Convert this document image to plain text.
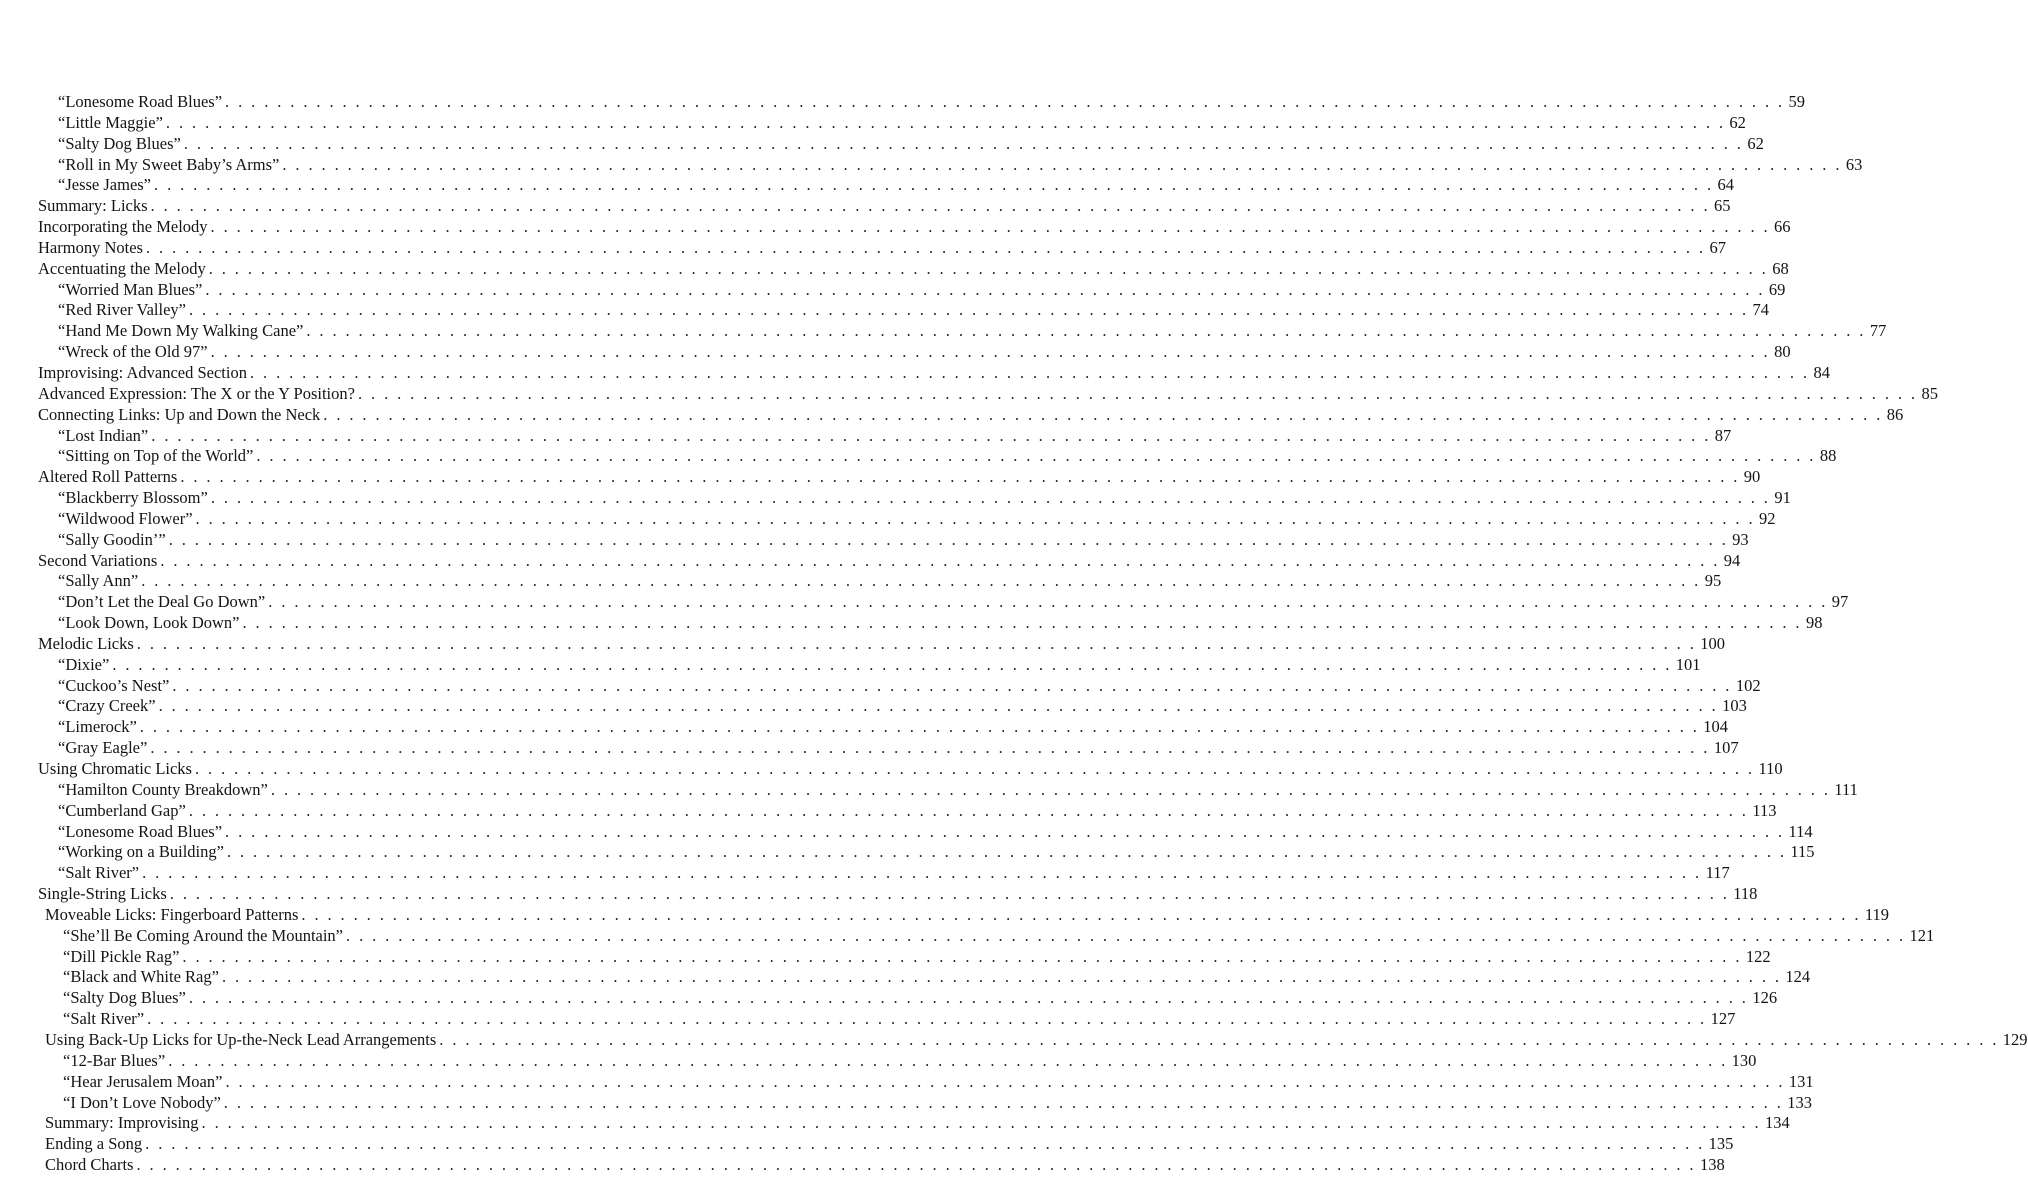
“Lonesome Road Blues” . . . . . . . . . . . . . . . . . . . . . . . . . . . . . . . . . . . . . . . . . . . . . . . . . . . . . . . . . . . . . . . . . . . . . . . . . . . . . . . . . . . . . . . . . . . . . . . . . . . . . . . . . . . . . . . . . . . . . . . . 59
“Little Maggie” . . . . . . . . . . . . . . . . . . . . . . . . . . . . . . . . . . . . . . . . . . . . . . . . . . . . . . . . . . . . . . . . . . . . . . . . . . . . . . . . . . . . . . . . . . . . . . . . . . . . . . . . . . . . . . . . . . . . . . . . 62
“Salty Dog Blues” . . . . . . . . . . . . . . . . . . . . . . . . . . . . . . . . . . . . . . . . . . . . . . . . . . . . . . . . . . . . . . . . . . . . . . . . . . . . . . . . . . . . . . . . . . . . . . . . . . . . . . . . . . . . . . . . . . . . . . . . 62
“Roll in My Sweet Baby’s Arms” . . . . . . . . . . . . . . . . . . . . . . . . . . . . . . . . . . . . . . . . . . . . . . . . . . . . . . . . . . . . . . . . . . . . . . . . . . . . . . . . . . . . . . . . . . . . . . . . . . . . . . . . . . . . . . . . . . . . . . . . 63
“Jesse James” . . . . . . . . . . . . . . . . . . . . . . . . . . . . . . . . . . . . . . . . . . . . . . . . . . . . . . . . . . . . . . . . . . . . . . . . . . . . . . . . . . . . . . . . . . . . . . . . . . . . . . . . . . . . . . . . . . . . . . . . 64
Summary: Licks . . . . . . . . . . . . . . . . . . . . . . . . . . . . . . . . . . . . . . . . . . . . . . . . . . . . . . . . . . . . . . . . . . . . . . . . . . . . . . . . . . . . . . . . . . . . . . . . . . . . . . . . . . . . . . . . . . . . . . . . 65
Incorporating the Melody . . . . . . . . . . . . . . . . . . . . . . . . . . . . . . . . . . . . . . . . . . . . . . . . . . . . . . . . . . . . . . . . . . . . . . . . . . . . . . . . . . . . . . . . . . . . . . . . . . . . . . . . . . . . . . . . . . . . . . . . 66
Harmony Notes . . . . . . . . . . . . . . . . . . . . . . . . . . . . . . . . . . . . . . . . . . . . . . . . . . . . . . . . . . . . . . . . . . . . . . . . . . . . . . . . . . . . . . . . . . . . . . . . . . . . . . . . . . . . . . . . . . . . . . . . 67
Accentuating the Melody . . . . . . . . . . . . . . . . . . . . . . . . . . . . . . . . . . . . . . . . . . . . . . . . . . . . . . . . . . . . . . . . . . . . . . . . . . . . . . . . . . . . . . . . . . . . . . . . . . . . . . . . . . . . . . . . . . . . . . . . 68
“Worried Man Blues” . . . . . . . . . . . . . . . . . . . . . . . . . . . . . . . . . . . . . . . . . . . . . . . . . . . . . . . . . . . . . . . . . . . . . . . . . . . . . . . . . . . . . . . . . . . . . . . . . . . . . . . . . . . . . . . . . . . . . . . . 69
“Red River Valley” . . . . . . . . . . . . . . . . . . . . . . . . . . . . . . . . . . . . . . . . . . . . . . . . . . . . . . . . . . . . . . . . . . . . . . . . . . . . . . . . . . . . . . . . . . . . . . . . . . . . . . . . . . . . . . . . . . . . . . . . 74
“Hand Me Down My Walking Cane” . . . . . . . . . . . . . . . . . . . . . . . . . . . . . . . . . . . . . . . . . . . . . . . . . . . . . . . . . . . . . . . . . . . . . . . . . . . . . . . . . . . . . . . . . . . . . . . . . . . . . . . . . . . . . . . . . . . . . . . . 77
“Wreck of the Old 97” . . . . . . . . . . . . . . . . . . . . . . . . . . . . . . . . . . . . . . . . . . . . . . . . . . . . . . . . . . . . . . . . . . . . . . . . . . . . . . . . . . . . . . . . . . . . . . . . . . . . . . . . . . . . . . . . . . . . . . . . 80
Improvising: Advanced Section . . . . . . . . . . . . . . . . . . . . . . . . . . . . . . . . . . . . . . . . . . . . . . . . . . . . . . . . . . . . . . . . . . . . . . . . . . . . . . . . . . . . . . . . . . . . . . . . . . . . . . . . . . . . . . . . . . . . . . . . 84
Advanced Expression: The X or the Y Position? . . . . . . . . . . . . . . . . . . . . . . . . . . . . . . . . . . . . . . . . . . . . . . . . . . . . . . . . . . . . . . . . . . . . . . . . . . . . . . . . . . . . . . . . . . . . . . . . . . . . . . . . . . . . . . . . . . . . . . . . 85
Connecting Links: Up and Down the Neck . . . . . . . . . . . . . . . . . . . . . . . . . . . . . . . . . . . . . . . . . . . . . . . . . . . . . . . . . . . . . . . . . . . . . . . . . . . . . . . . . . . . . . . . . . . . . . . . . . . . . . . . . . . . . . . . . . . . . . . . 86
“Lost Indian” . . . . . . . . . . . . . . . . . . . . . . . . . . . . . . . . . . . . . . . . . . . . . . . . . . . . . . . . . . . . . . . . . . . . . . . . . . . . . . . . . . . . . . . . . . . . . . . . . . . . . . . . . . . . . . . . . . . . . . . . 87
“Sitting on Top of the World” . . . . . . . . . . . . . . . . . . . . . . . . . . . . . . . . . . . . . . . . . . . . . . . . . . . . . . . . . . . . . . . . . . . . . . . . . . . . . . . . . . . . . . . . . . . . . . . . . . . . . . . . . . . . . . . . . . . . . . . . 88
Altered Roll Patterns . . . . . . . . . . . . . . . . . . . . . . . . . . . . . . . . . . . . . . . . . . . . . . . . . . . . . . . . . . . . . . . . . . . . . . . . . . . . . . . . . . . . . . . . . . . . . . . . . . . . . . . . . . . . . . . . . . . . . . . . 90
“Blackberry Blossom” . . . . . . . . . . . . . . . . . . . . . . . . . . . . . . . . . . . . . . . . . . . . . . . . . . . . . . . . . . . . . . . . . . . . . . . . . . . . . . . . . . . . . . . . . . . . . . . . . . . . . . . . . . . . . . . . . . . . . . . . 91
“Wildwood Flower” . . . . . . . . . . . . . . . . . . . . . . . . . . . . . . . . . . . . . . . . . . . . . . . . . . . . . . . . . . . . . . . . . . . . . . . . . . . . . . . . . . . . . . . . . . . . . . . . . . . . . . . . . . . . . . . . . . . . . . . . 92
“Sally Goodin’” . . . . . . . . . . . . . . . . . . . . . . . . . . . . . . . . . . . . . . . . . . . . . . . . . . . . . . . . . . . . . . . . . . . . . . . . . . . . . . . . . . . . . . . . . . . . . . . . . . . . . . . . . . . . . . . . . . . . . . . . 93
Second Variations . . . . . . . . . . . . . . . . . . . . . . . . . . . . . . . . . . . . . . . . . . . . . . . . . . . . . . . . . . . . . . . . . . . . . . . . . . . . . . . . . . . . . . . . . . . . . . . . . . . . . . . . . . . . . . . . . . . . . . . . 94
“Sally Ann” . . . . . . . . . . . . . . . . . . . . . . . . . . . . . . . . . . . . . . . . . . . . . . . . . . . . . . . . . . . . . . . . . . . . . . . . . . . . . . . . . . . . . . . . . . . . . . . . . . . . . . . . . . . . . . . . . . . . . . . . 95
“Don’t Let the Deal Go Down” . . . . . . . . . . . . . . . . . . . . . . . . . . . . . . . . . . . . . . . . . . . . . . . . . . . . . . . . . . . . . . . . . . . . . . . . . . . . . . . . . . . . . . . . . . . . . . . . . . . . . . . . . . . . . . . . . . . . . . . . 97
“Look Down, Look Down” . . . . . . . . . . . . . . . . . . . . . . . . . . . . . . . . . . . . . . . . . . . . . . . . . . . . . . . . . . . . . . . . . . . . . . . . . . . . . . . . . . . . . . . . . . . . . . . . . . . . . . . . . . . . . . . . . . . . . . . . 98
Melodic Licks . . . . . . . . . . . . . . . . . . . . . . . . . . . . . . . . . . . . . . . . . . . . . . . . . . . . . . . . . . . . . . . . . . . . . . . . . . . . . . . . . . . . . . . . . . . . . . . . . . . . . . . . . . . . . . . . . . . . . . . . 100
“Dixie” . . . . . . . . . . . . . . . . . . . . . . . . . . . . . . . . . . . . . . . . . . . . . . . . . . . . . . . . . . . . . . . . . . . . . . . . . . . . . . . . . . . . . . . . . . . . . . . . . . . . . . . . . . . . . . . . . . . . . . . . 101
“Cuckoo’s Nest” . . . . . . . . . . . . . . . . . . . . . . . . . . . . . . . . . . . . . . . . . . . . . . . . . . . . . . . . . . . . . . . . . . . . . . . . . . . . . . . . . . . . . . . . . . . . . . . . . . . . . . . . . . . . . . . . . . . . . . . . 102
“Crazy Creek” . . . . . . . . . . . . . . . . . . . . . . . . . . . . . . . . . . . . . . . . . . . . . . . . . . . . . . . . . . . . . . . . . . . . . . . . . . . . . . . . . . . . . . . . . . . . . . . . . . . . . . . . . . . . . . . . . . . . . . . . 103
“Limerock” . . . . . . . . . . . . . . . . . . . . . . . . . . . . . . . . . . . . . . . . . . . . . . . . . . . . . . . . . . . . . . . . . . . . . . . . . . . . . . . . . . . . . . . . . . . . . . . . . . . . . . . . . . . . . . . . . . . . . . . . 104
“Gray Eagle” . . . . . . . . . . . . . . . . . . . . . . . . . . . . . . . . . . . . . . . . . . . . . . . . . . . . . . . . . . . . . . . . . . . . . . . . . . . . . . . . . . . . . . . . . . . . . . . . . . . . . . . . . . . . . . . . . . . . . . . . 107
Using Chromatic Licks . . . . . . . . . . . . . . . . . . . . . . . . . . . . . . . . . . . . . . . . . . . . . . . . . . . . . . . . . . . . . . . . . . . . . . . . . . . . . . . . . . . . . . . . . . . . . . . . . . . . . . . . . . . . . . . . . . . . . . . . 110
“Hamilton County Breakdown” . . . . . . . . . . . . . . . . . . . . . . . . . . . . . . . . . . . . . . . . . . . . . . . . . . . . . . . . . . . . . . . . . . . . . . . . . . . . . . . . . . . . . . . . . . . . . . . . . . . . . . . . . . . . . . . . . . . . . . . . 111
“Cumberland Gap” . . . . . . . . . . . . . . . . . . . . . . . . . . . . . . . . . . . . . . . . . . . . . . . . . . . . . . . . . . . . . . . . . . . . . . . . . . . . . . . . . . . . . . . . . . . . . . . . . . . . . . . . . . . . . . . . . . . . . . . . 113
“Lonesome Road Blues” . . . . . . . . . . . . . . . . . . . . . . . . . . . . . . . . . . . . . . . . . . . . . . . . . . . . . . . . . . . . . . . . . . . . . . . . . . . . . . . . . . . . . . . . . . . . . . . . . . . . . . . . . . . . . . . . . . . . . . . . 114
“Working on a Building” . . . . . . . . . . . . . . . . . . . . . . . . . . . . . . . . . . . . . . . . . . . . . . . . . . . . . . . . . . . . . . . . . . . . . . . . . . . . . . . . . . . . . . . . . . . . . . . . . . . . . . . . . . . . . . . . . . . . . . . . 115
“Salt River” . . . . . . . . . . . . . . . . . . . . . . . . . . . . . . . . . . . . . . . . . . . . . . . . . . . . . . . . . . . . . . . . . . . . . . . . . . . . . . . . . . . . . . . . . . . . . . . . . . . . . . . . . . . . . . . . . . . . . . . . 117
Single-String Licks . . . . . . . . . . . . . . . . . . . . . . . . . . . . . . . . . . . . . . . . . . . . . . . . . . . . . . . . . . . . . . . . . . . . . . . . . . . . . . . . . . . . . . . . . . . . . . . . . . . . . . . . . . . . . . . . . . . . . . . . 118
Moveable Licks: Fingerboard Patterns . . . . . . . . . . . . . . . . . . . . . . . . . . . . . . . . . . . . . . . . . . . . . . . . . . . . . . . . . . . . . . . . . . . . . . . . . . . . . . . . . . . . . . . . . . . . . . . . . . . . . . . . . . . . . . . . . . . . . . . . 119
“She’ll Be Coming Around the Mountain” . . . . . . . . . . . . . . . . . . . . . . . . . . . . . . . . . . . . . . . . . . . . . . . . . . . . . . . . . . . . . . . . . . . . . . . . . . . . . . . . . . . . . . . . . . . . . . . . . . . . . . . . . . . . . . . . . . . . . . . . 121
“Dill Pickle Rag” . . . . . . . . . . . . . . . . . . . . . . . . . . . . . . . . . . . . . . . . . . . . . . . . . . . . . . . . . . . . . . . . . . . . . . . . . . . . . . . . . . . . . . . . . . . . . . . . . . . . . . . . . . . . . . . . . . . . . . . . 122
“Black and White Rag” . . . . . . . . . . . . . . . . . . . . . . . . . . . . . . . . . . . . . . . . . . . . . . . . . . . . . . . . . . . . . . . . . . . . . . . . . . . . . . . . . . . . . . . . . . . . . . . . . . . . . . . . . . . . . . . . . . . . . . . . 124
“Salty Dog Blues” . . . . . . . . . . . . . . . . . . . . . . . . . . . . . . . . . . . . . . . . . . . . . . . . . . . . . . . . . . . . . . . . . . . . . . . . . . . . . . . . . . . . . . . . . . . . . . . . . . . . . . . . . . . . . . . . . . . . . . . . 126
“Salt River” . . . . . . . . . . . . . . . . . . . . . . . . . . . . . . . . . . . . . . . . . . . . . . . . . . . . . . . . . . . . . . . . . . . . . . . . . . . . . . . . . . . . . . . . . . . . . . . . . . . . . . . . . . . . . . . . . . . . . . . . 127
Using Back-Up Licks for Up-the-Neck Lead Arrangements . . . . . . . . . . . . . . . . . . . . . . . . . . . . . . . . . . . . . . . . . . . . . . . . . . . . . . . . . . . . . . . . . . . . . . . . . . . . . . . . . . . . . . . . . . . . . . . . . . . . . . . . . . . . . . . . . . . . . . . . 129
“12-Bar Blues” . . . . . . . . . . . . . . . . . . . . . . . . . . . . . . . . . . . . . . . . . . . . . . . . . . . . . . . . . . . . . . . . . . . . . . . . . . . . . . . . . . . . . . . . . . . . . . . . . . . . . . . . . . . . . . . . . . . . . . . . 130
“Hear Jerusalem Moan” . . . . . . . . . . . . . . . . . . . . . . . . . . . . . . . . . . . . . . . . . . . . . . . . . . . . . . . . . . . . . . . . . . . . . . . . . . . . . . . . . . . . . . . . . . . . . . . . . . . . . . . . . . . . . . . . . . . . . . . . 131
“I Don’t Love Nobody” . . . . . . . . . . . . . . . . . . . . . . . . . . . . . . . . . . . . . . . . . . . . . . . . . . . . . . . . . . . . . . . . . . . . . . . . . . . . . . . . . . . . . . . . . . . . . . . . . . . . . . . . . . . . . . . . . . . . . . . . 133
Summary: Improvising . . . . . . . . . . . . . . . . . . . . . . . . . . . . . . . . . . . . . . . . . . . . . . . . . . . . . . . . . . . . . . . . . . . . . . . . . . . . . . . . . . . . . . . . . . . . . . . . . . . . . . . . . . . . . . . . . . . . . . . . 134
Ending a Song . . . . . . . . . . . . . . . . . . . . . . . . . . . . . . . . . . . . . . . . . . . . . . . . . . . . . . . . . . . . . . . . . . . . . . . . . . . . . . . . . . . . . . . . . . . . . . . . . . . . . . . . . . . . . . . . . . . . . . . . 135
Chord Charts . . . . . . . . . . . . . . . . . . . . . . . . . . . . . . . . . . . . . . . . . . . . . . . . . . . . . . . . . . . . . . . . . . . . . . . . . . . . . . . . . . . . . . . . . . . . . . . . . . . . . . . . . . . . . . . . . . . . . . . . 138
